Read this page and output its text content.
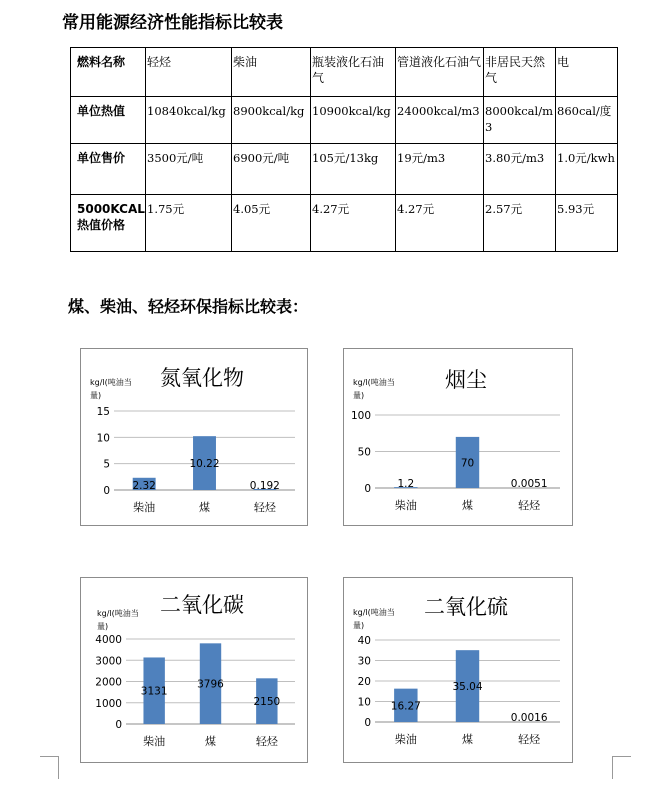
常用能源经济性能指标比较表
燃料名称	轻烃	柴油	瓶装液化石油气	管道液化石油气	非居民天然气	电
单位热值	10840kcal/kg	8900kcal/kg	10900kcal/kg	24000kcal/m3	8000kcal/m3	860cal/度
单位售价	3500元/吨	6900元/吨	105元/13kg	19元/m3	3.80元/m3	1.0元/kwh
5000KCAL热值价格	1.75元	4.05元	4.27元	4.27元	2.57元	5.93元
煤、柴油、轻烃环保指标比较表：
氮氧化物
kg/l(吨油当
量)
0
5
10
15
2.32
柴油
10.22
煤
0.192
轻烃
烟尘
kg/l(吨油当
量)
0
50
100
1.2
柴油
70
煤
0.0051
轻烃
二氧化碳
kg/l(吨油当
量)
0
1000
2000
3000
4000
3131
柴油
3796
煤
2150
轻烃
二氧化硫
kg/l(吨油当
量)
0
10
20
30
40
16.27
柴油
35.04
煤
0.0016
轻烃
